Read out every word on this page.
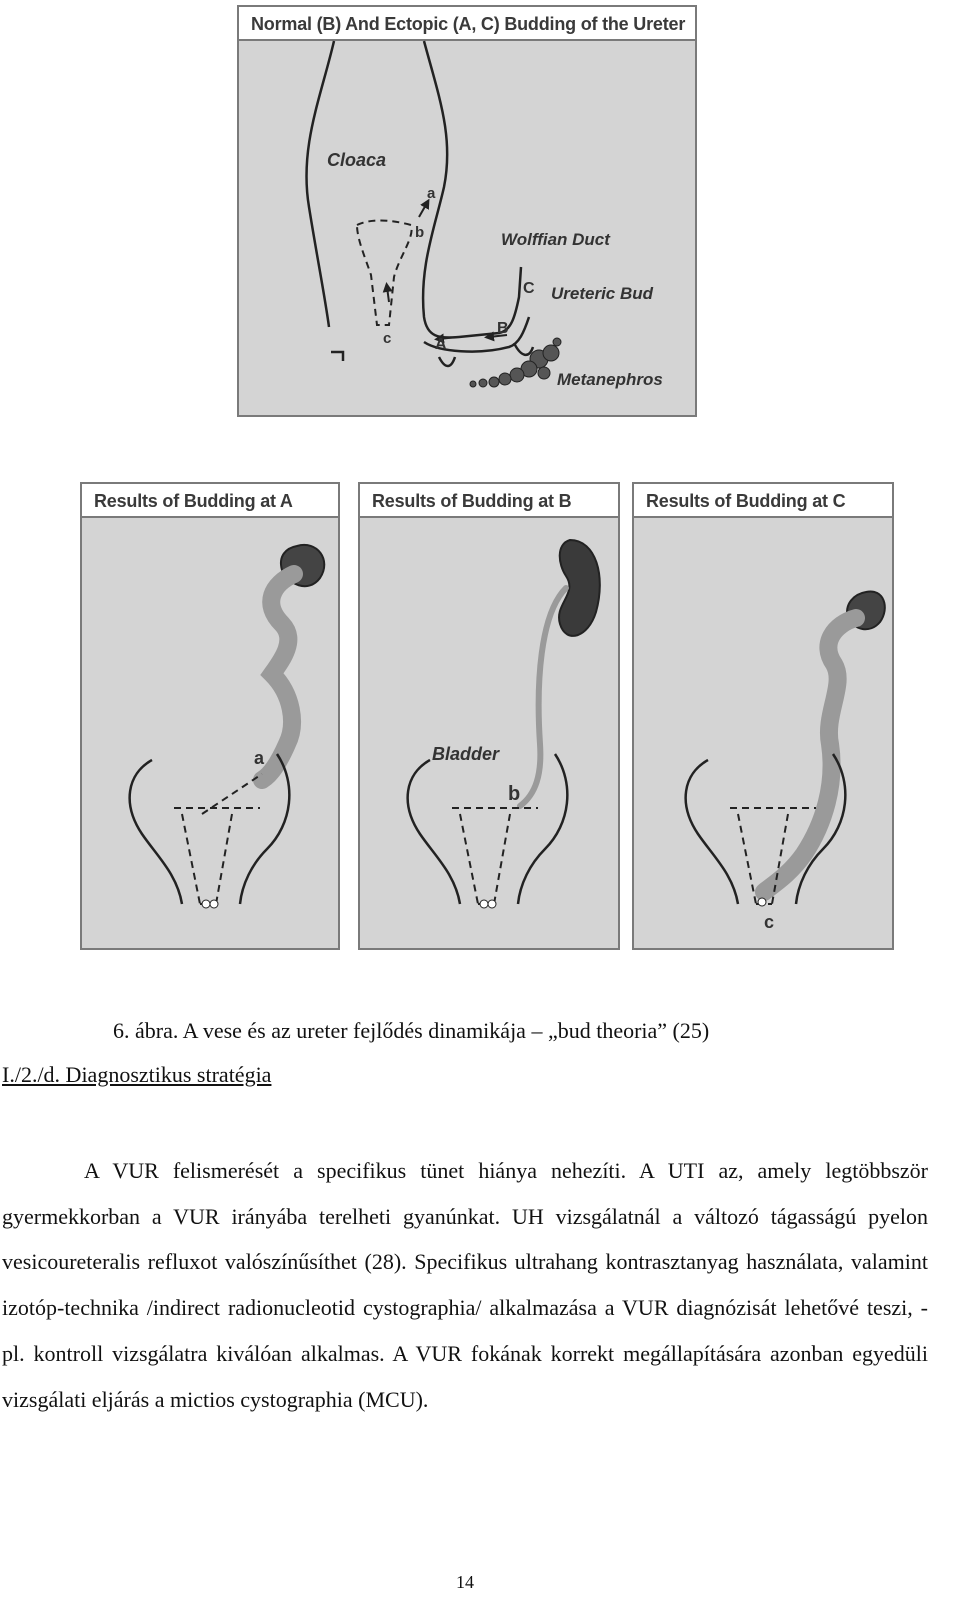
Normal (B) And Ectopic (A, C) Budding of the Ureter
Cloaca
a
b	Wolffian Duct
C Ureteric Bud
B
c	A
Metanephros
Results of Budding at A
a
Results of Budding at B
Bladder
b
Results of Budding at C
c
6. ábra. A vese és az ureter fejlődés dinamikája – „bud theoria” (25)
I./2./d. Diagnosztikus stratégia

A VUR felismerését a specifikus tünet hiánya nehezíti. A UTI az, amely legtöbbször gyermekkorban a VUR irányába terelheti gyanúnkat. UH vizsgálatnál a változó tágasságú pyelon vesicoureteralis refluxot valószínűsíthet (28). Specifikus ultrahang kontrasztanyag használata, valamint izotóp-technika /indirect radionucleotid cystographia/ alkalmazása a VUR diagnózisát lehetővé teszi, - pl. kontroll vizsgálatra kiválóan alkalmas. A VUR fokának korrekt megállapítására azonban egyedüli vizsgálati eljárás a mictios cystographia (MCU).

14
